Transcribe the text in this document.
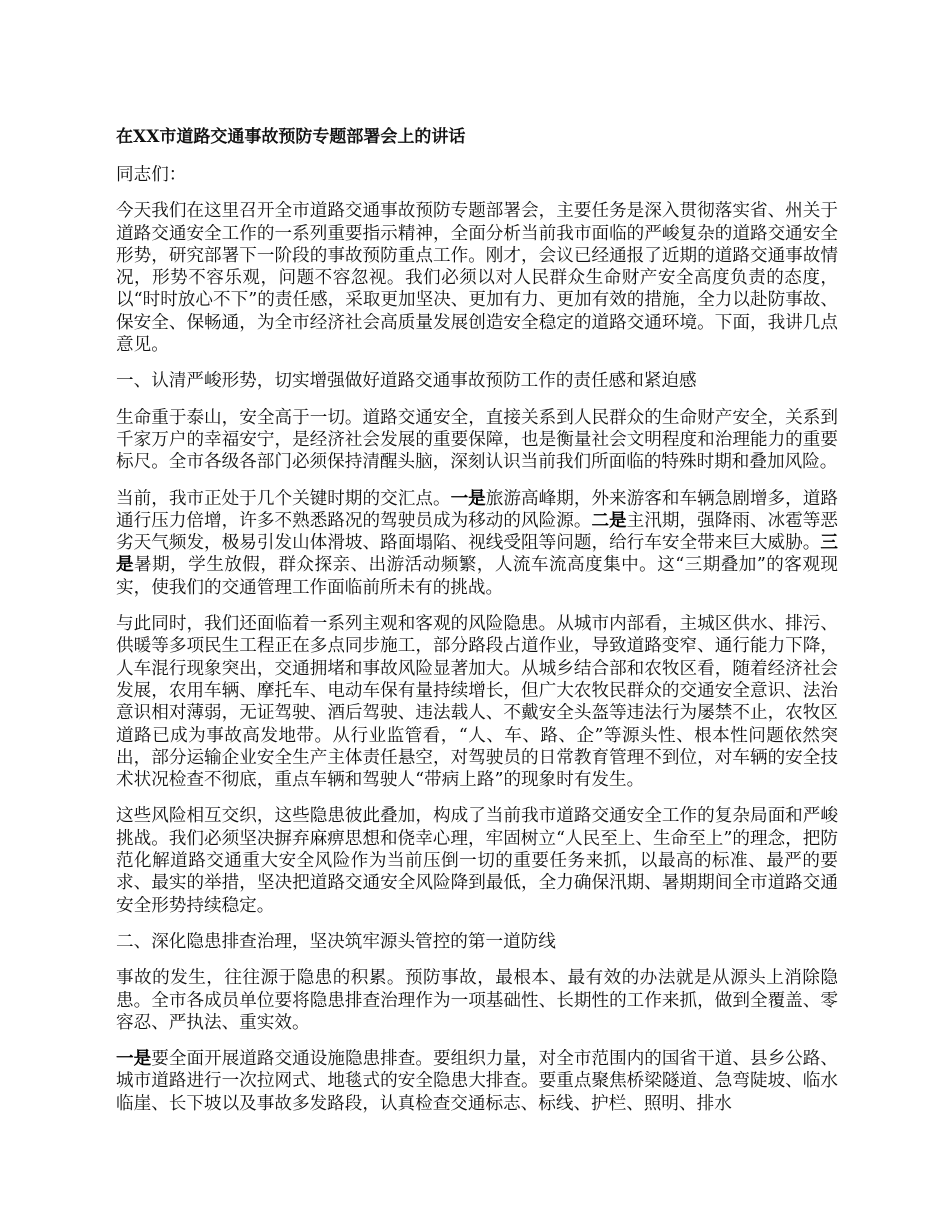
在XX市道路交通事故预防专题部署会上的讲话
同志们：
今天我们在这里召开全市道路交通事故预防专题部署会，主要任务是深入贯彻落实省、州关于道路交通安全工作的一系列重要指示精神，全面分析当前我市面临的严峻复杂的道路交通安全形势，研究部署下一阶段的事故预防重点工作。刚才，会议已经通报了近期的道路交通事故情况，形势不容乐观，问题不容忽视。我们必须以对人民群众生命财产安全高度负责的态度，以“时时放心不下”的责任感，采取更加坚决、更加有力、更加有效的措施，全力以赴防事故、保安全、保畅通，为全市经济社会高质量发展创造安全稳定的道路交通环境。下面，我讲几点意见。
一、认清严峻形势，切实增强做好道路交通事故预防工作的责任感和紧迫感
生命重于泰山，安全高于一切。道路交通安全，直接关系到人民群众的生命财产安全，关系到千家万户的幸福安宁，是经济社会发展的重要保障，也是衡量社会文明程度和治理能力的重要标尺。全市各级各部门必须保持清醒头脑，深刻认识当前我们所面临的特殊时期和叠加风险。
当前，我市正处于几个关键时期的交汇点。一是旅游高峰期，外来游客和车辆急剧增多，道路通行压力倍增，许多不熟悉路况的驾驶员成为移动的风险源。二是主汛期，强降雨、冰雹等恶劣天气频发，极易引发山体滑坡、路面塌陷、视线受阻等问题，给行车安全带来巨大威胁。三是暑期，学生放假，群众探亲、出游活动频繁，人流车流高度集中。这“三期叠加”的客观现实，使我们的交通管理工作面临前所未有的挑战。
与此同时，我们还面临着一系列主观和客观的风险隐患。从城市内部看，主城区供水、排污、供暖等多项民生工程正在多点同步施工，部分路段占道作业，导致道路变窄、通行能力下降，人车混行现象突出，交通拥堵和事故风险显著加大。从城乡结合部和农牧区看，随着经济社会发展，农用车辆、摩托车、电动车保有量持续增长，但广大农牧民群众的交通安全意识、法治意识相对薄弱，无证驾驶、酒后驾驶、违法载人、不戴安全头盔等违法行为屡禁不止，农牧区道路已成为事故高发地带。从行业监管看，“人、车、路、企”等源头性、根本性问题依然突出，部分运输企业安全生产主体责任悬空，对驾驶员的日常教育管理不到位，对车辆的安全技术状况检查不彻底，重点车辆和驾驶人“带病上路”的现象时有发生。
这些风险相互交织，这些隐患彼此叠加，构成了当前我市道路交通安全工作的复杂局面和严峻挑战。我们必须坚决摒弃麻痹思想和侥幸心理，牢固树立“人民至上、生命至上”的理念，把防范化解道路交通重大安全风险作为当前压倒一切的重要任务来抓，以最高的标准、最严的要求、最实的举措，坚决把道路交通安全风险降到最低，全力确保汛期、暑期期间全市道路交通安全形势持续稳定。
二、深化隐患排查治理，坚决筑牢源头管控的第一道防线
事故的发生，往往源于隐患的积累。预防事故，最根本、最有效的办法就是从源头上消除隐患。全市各成员单位要将隐患排查治理作为一项基础性、长期性的工作来抓，做到全覆盖、零容忍、严执法、重实效。
一是要全面开展道路交通设施隐患排查。要组织力量，对全市范围内的国省干道、县乡公路、城市道路进行一次拉网式、地毯式的安全隐患大排查。要重点聚焦桥梁隧道、急弯陡坡、临水临崖、长下坡以及事故多发路段，认真检查交通标志、标线、护栏、照明、排水
